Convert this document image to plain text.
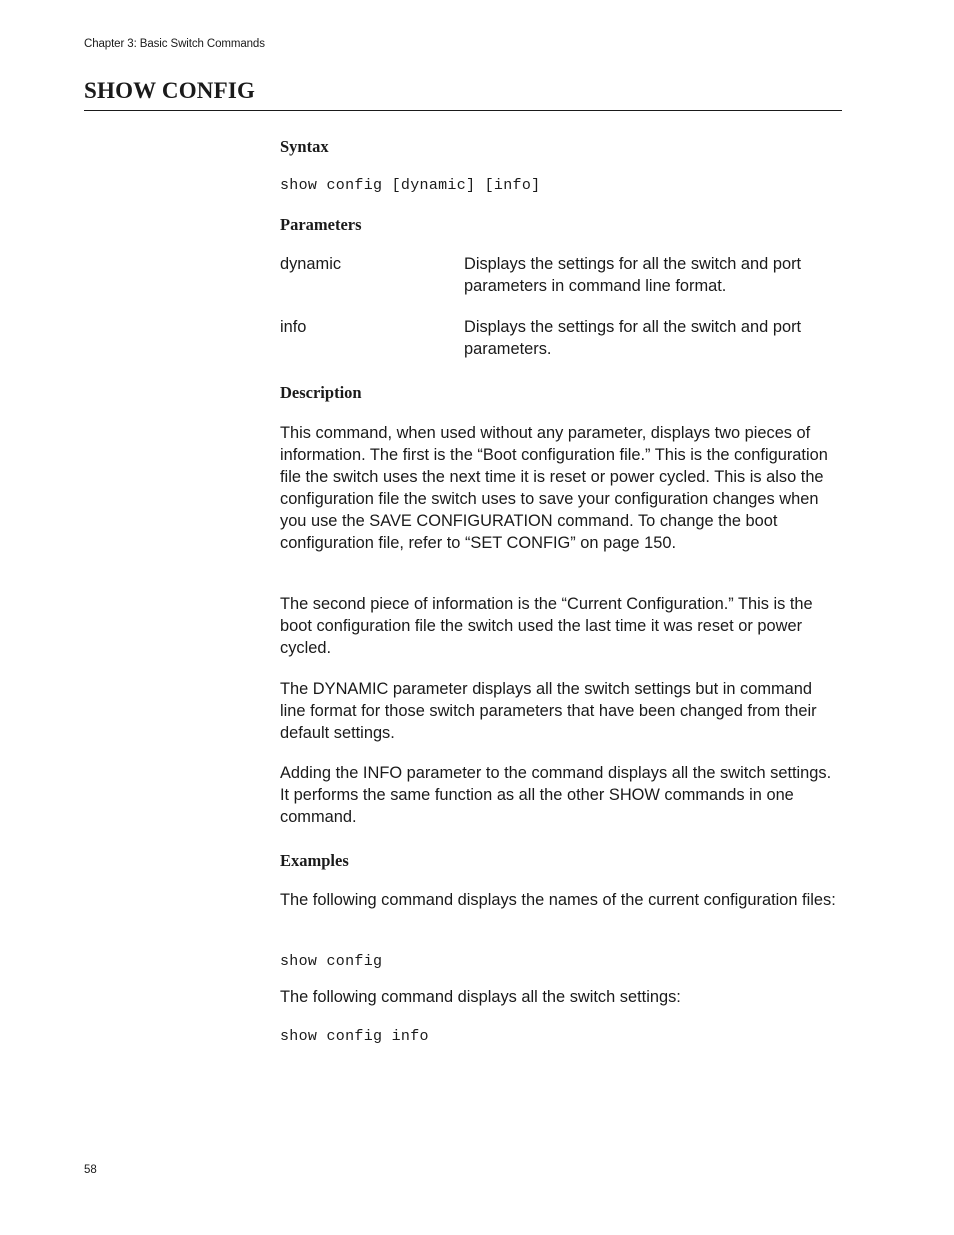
Chapter 3: Basic Switch Commands
SHOW CONFIG
Syntax
show config [dynamic] [info]
Parameters
dynamic	Displays the settings for all the switch and port parameters in command line format.
info	Displays the settings for all the switch and port parameters.
Description
This command, when used without any parameter, displays two pieces of information. The first is the “Boot configuration file.” This is the configuration file the switch uses the next time it is reset or power cycled. This is also the configuration file the switch uses to save your configuration changes when you use the SAVE CONFIGURATION command. To change the boot configuration file, refer to “SET CONFIG” on page 150.
The second piece of information is the “Current Configuration.” This is the boot configuration file the switch used the last time it was reset or power cycled.
The DYNAMIC parameter displays all the switch settings but in command line format for those switch parameters that have been changed from their default settings.
Adding the INFO parameter to the command displays all the switch settings. It performs the same function as all the other SHOW commands in one command.
Examples
The following command displays the names of the current configuration files:
show config
The following command displays all the switch settings:
show config info
58
